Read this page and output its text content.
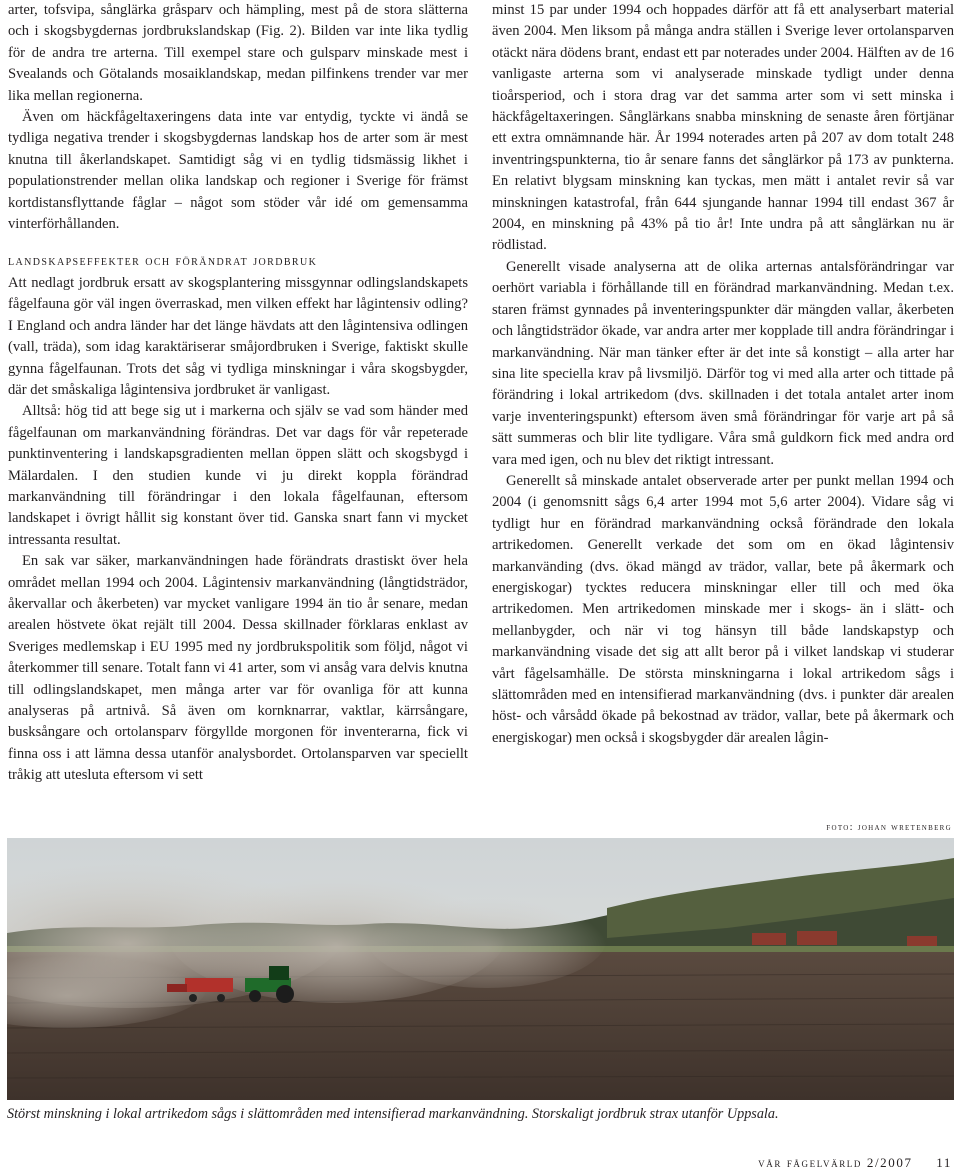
arter, tofsvipa, sånglärka gråsparv och hämpling, mest på de stora slätterna och i skogsbygdernas jordbrukslandskap (Fig. 2). Bilden var inte lika tydlig för de andra tre arterna. Till exempel stare och gulsparv minskade mest i Svealands och Götalands mosaiklandskap, medan pilfinkens trender var mer lika mellan regionerna.

Även om häckfågeltaxeringens data inte var entydig, tyckte vi ändå se tydliga negativa trender i skogsbygdernas landskap hos de arter som är mest knutna till åkerlandskapet. Samtidigt såg vi en tydlig tidsmässig likhet i populationstrender mellan olika landskap och regioner i Sverige för främst kortdistansflyttande fåglar – något som stöder vår idé om gemensamma vinterförhållanden.

landskapseffekter och förändrat jordbruk

Att nedlagt jordbruk ersatt av skogsplantering missgynnar odlingslandskapets fågelfauna gör väl ingen överraskad, men vilken effekt har lågintensiv odling? I England och andra länder har det länge hävdats att den lågintensiva odlingen (vall, träda), som idag karaktäriserar småjordbruken i Sverige, faktiskt skulle gynna fågelfaunan. Trots det såg vi tydliga minskningar i våra skogsbygder, där det småskaliga lågintensiva jordbruket är vanligast.

Alltså: hög tid att bege sig ut i markerna och själv se vad som händer med fågelfaunan om markanvändning förändras. Det var dags för vår repeterade punktinventering i landskapsgradienten mellan öppen slätt och skogsbygd i Mälardalen. I den studien kunde vi ju direkt koppla förändrad markanvändning till förändringar i den lokala fågelfaunan, eftersom landskapet i övrigt hållit sig konstant över tid. Ganska snart fann vi mycket intressanta resultat.

En sak var säker, markanvändningen hade förändrats drastiskt över hela området mellan 1994 och 2004. Lågintensiv markanvändning (långtidsträdor, åkervallar och åkerbeten) var mycket vanligare 1994 än tio år senare, medan arealen höstvete ökat rejält till 2004. Dessa skillnader förklaras enklast av Sveriges medlemskap i EU 1995 med ny jordbrukspolitik som följd, något vi återkommer till senare. Totalt fann vi 41 arter, som vi ansåg vara delvis knutna till odlingslandskapet, men många arter var för ovanliga för att kunna analyseras på artnivå. Så även om kornknarrar, vaktlar, kärrsångare, busksångare och ortolansparv förgyllde morgonen för inventerarna, fick vi finna oss i att lämna dessa utanför analysbordet. Ortolansparven var speciellt tråkig att utesluta eftersom vi sett

minst 15 par under 1994 och hoppades därför att få ett analyserbart material även 2004. Men liksom på många andra ställen i Sverige lever ortolansparven otäckt nära dödens brant, endast ett par noterades under 2004. Hälften av de 16 vanligaste arterna som vi analyserade minskade tydligt under denna tioårsperiod, och i stora drag var det samma arter som vi sett minska i häckfågeltaxeringen. Sånglärkans snabba minskning de senaste åren förtjänar ett extra omnämnande här. År 1994 noterades arten på 207 av dom totalt 248 inventringspunkterna, tio år senare fanns det sånglärkor på 173 av punkterna. En relativt blygsam minskning kan tyckas, men mätt i antalet revir så var minskningen katastrofal, från 644 sjungande hannar 1994 till endast 367 år 2004, en minskning på 43% på tio år! Inte undra på att sånglärkan nu är rödlistad.

Generellt visade analyserna att de olika arternas antalsförändringar var oerhört variabla i förhållande till en förändrad markanvändning. Medan t.ex. staren främst gynnades på inventeringspunkter där mängden vallar, åkerbeten och långtidsträdor ökade, var andra arter mer kopplade till andra förändringar i markanvändning. När man tänker efter är det inte så konstigt – alla arter har sina lite speciella krav på livsmiljö. Därför tog vi med alla arter och tittade på förändring i lokal artrikedom (dvs. skillnaden i det totala antalet arter inom varje inventeringspunkt) eftersom även små förändringar för varje art på så sätt summeras och blir lite tydligare. Våra små guldkorn fick med andra ord vara med igen, och nu blev det riktigt intressant.

Generellt så minskade antalet observerade arter per punkt mellan 1994 och 2004 (i genomsnitt sågs 6,4 arter 1994 mot 5,6 arter 2004). Vidare såg vi tydligt hur en förändrad markanvändning också förändrade den lokala artrikedomen. Generellt verkade det som om en ökad lågintensiv markanvänding (dvs. ökad mängd av trädor, vallar, bete på åkermark och energiskogar) tycktes reducera minskningar eller till och med öka artrikedomen. Men artrikedomen minskade mer i skogs- än i slätt- och mellanbygder, och när vi tog hänsyn till både landskapstyp och markanvändning visade det sig att allt beror på i vilket landskap vi studerar vårt fågelsamhälle. De största minskningarna i lokal artrikedom sågs i slättområden med en intensifierad markanvändning (dvs. i punkter där arealen höst- och vårsådd ökade på bekostnad av trädor, vallar, bete på åkermark och energiskogar) men också i skogsbygder där arealen lågin-

foto: johan wretenberg
Störst minskning i lokal artrikedom sågs i slättområden med intensifierad markanvändning. Storskaligt jordbruk strax utanför Uppsala.
vår fågelvärld 2/2007 11
